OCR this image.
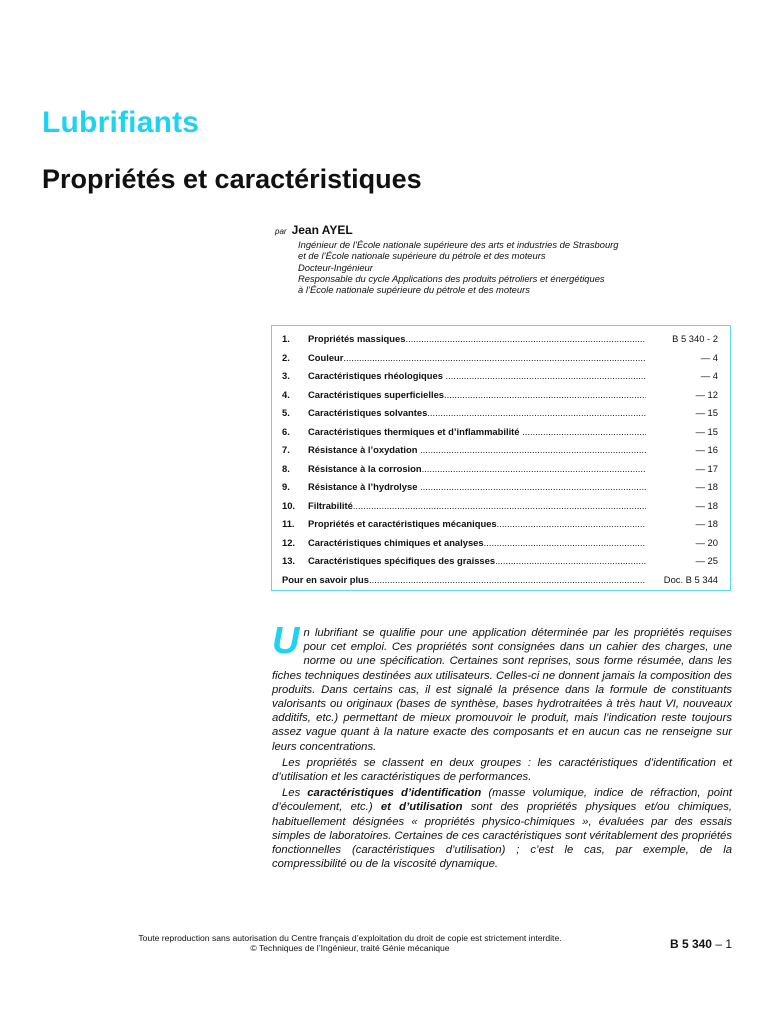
Lubrifiants
Propriétés et caractéristiques
par Jean AYEL
Ingénieur de l’École nationale supérieure des arts et industries de Strasbourg
et de l’École nationale supérieure du pétrole et des moteurs
Docteur-Ingénieur
Responsable du cycle Applications des produits pétroliers et énergétiques
à l’École nationale supérieure du pétrole et des moteurs
1.	Propriétés massiques .....	B 5 340 - 2
2.	Couleur .....	— 4
3.	Caractéristiques rhéologiques .....	— 4
4.	Caractéristiques superficielles .....	— 12
5.	Caractéristiques solvantes .....	— 15
6.	Caractéristiques thermiques et d’inflammabilité .....	— 15
7.	Résistance à l’oxydation .....	— 16
8.	Résistance à la corrosion .....	— 17
9.	Résistance à l’hydrolyse .....	— 18
10.	Filtrabilité .....	— 18
11.	Propriétés et caractéristiques mécaniques .....	— 18
12.	Caractéristiques chimiques et analyses .....	— 20
13.	Caractéristiques spécifiques des graisses .....	— 25
Pour en savoir plus .....	Doc. B 5 344

Un lubrifiant se qualifie pour une application déterminée par les propriétés requises pour cet emploi. Ces propriétés sont consignées dans un cahier des charges, une norme ou une spécification. Certaines sont reprises, sous forme résumée, dans les fiches techniques destinées aux utilisateurs. Celles-ci ne donnent jamais la composition des produits. Dans certains cas, il est signalé la présence dans la formule de constituants valorisants ou originaux (bases de synthèse, bases hydrotraitées à très haut VI, nouveaux additifs, etc.) permettant de mieux promouvoir le produit, mais l’indication reste toujours assez vague quant à la nature exacte des composants et en aucun cas ne renseigne sur leurs concentrations.

Les propriétés se classent en deux groupes : les caractéristiques d’identification et d’utilisation et les caractéristiques de performances.

Les caractéristiques d’identification (masse volumique, indice de réfraction, point d’écoulement, etc.) et d’utilisation sont des propriétés physiques et/ou chimiques, habituellement désignées « propriétés physico-chimiques », évaluées par des essais simples de laboratoires. Certaines de ces caractéristiques sont véritablement des propriétés fonctionnelles (caractéristiques d’utilisation) ; c’est le cas, par exemple, de la compressibilité ou de la viscosité dynamique.

Toute reproduction sans autorisation du Centre français d’exploitation du droit de copie est strictement interdite.
© Techniques de l’Ingénieur, traité Génie mécanique	B 5 340 – 1
